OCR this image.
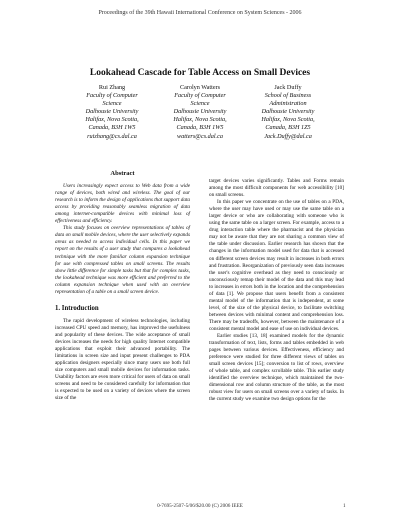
Proceedings of the 39th Hawaii International Conference on System Sciences - 2006
Lookahead Cascade for Table Access on Small Devices
Rui Zhang
Faculty of Computer
Science
Dalhousie University
Halifax, Nova Scotia,
Canada, B3H 1W5
ruizhang@cs.dal.ca
Carolyn Watters
Faculty of Computer
Science
Dalhousie University
Halifax, Nova Scotia,
Canada, B3H 1W5
watters@cs.dal.ca
Jack Duffy
School of Business
Administration
Dalhousie University
Halifax, Nova Scotia,
Canada, B3H 1Z5
Jack.Duffy@dal.ca
Abstract

Users increasingly expect access to Web data from a wide range of devices, both wired and wireless. The goal of our research is to inform the design of applications that support data access by providing reasonably seamless migration of data among internet-compatible devices with minimal loss of effectiveness and efficiency.

This study focuses on overview representations of tables of data on small mobile devices, where the user selectively expands areas as needed to access individual cells. In this paper we report on the results of a user study that compares a lookahead technique with the more familiar column expansion technique for use with compressed tables on small screens. The results show little difference for simple tasks but that for complex tasks, the lookahead technique was more efficient and preferred to the column expansion technique when used with an overview representation of a table on a small screen device.

1. Introduction

The rapid development of wireless technologies, including increased CPU speed and memory, has improved the usefulness and popularity of these devices. The wide acceptance of small devices increases the needs for high quality Internet compatible applications that exploit their advanced portability. The limitations in screen size and input present challenges to PDA application designers especially since many users use both full size computers and small mobile devices for information tasks. Usability factors are even more critical for users of data on small screens and need to be considered carefully for information that is expected to be used on a variety of devices where the screen size of the

target devices varies significantly. Tables and Forms remain among the most difficult components for web accessibility [10] on small screens.

In this paper we concentrate on the use of tables on a PDA, where the user may have used or may use the same table on a larger device or who are collaborating with someone who is using the same table on a larger screen. For example, access to a drug interaction table where the pharmacist and the physician may not be aware that they are not sharing a common view of the table under discussion. Earlier research has shown that the changes in the information model used for data that is accessed on different screen devices may result in increases in both errors and frustration. Reorganization of previously seen data increases the user's cognitive overhead as they need to consciously or unconsciously remap their model of the data and this may lead to increases in errors both in the location and the comprehension of data [1]. We propose that users benefit from a consistent mental model of the information that is independent, at some level, of the size of the physical device, to facilitate switching between devices with minimal content and comprehension loss. There may be tradeoffs, however, between the maintenance of a consistent mental model and ease of use on individual devices.

Earlier studies [13, 18] examined models for the dynamic transformation of text, lists, forms and tables embedded in web pages between various devices. Effectiveness, efficiency and preference were studied for three different views of tables on small screen devices [15]; conversion to list of rows, overview of whole table, and complex scrollable table. This earlier study identified the overview technique, which maintained the two-dimensional row and column structure of the table, as the most robust view for users on small screens over a variety of tasks. In the current study we examine two design options for the

0-7695-2507-5/06/$20.00 (C) 2006 IEEE	1
